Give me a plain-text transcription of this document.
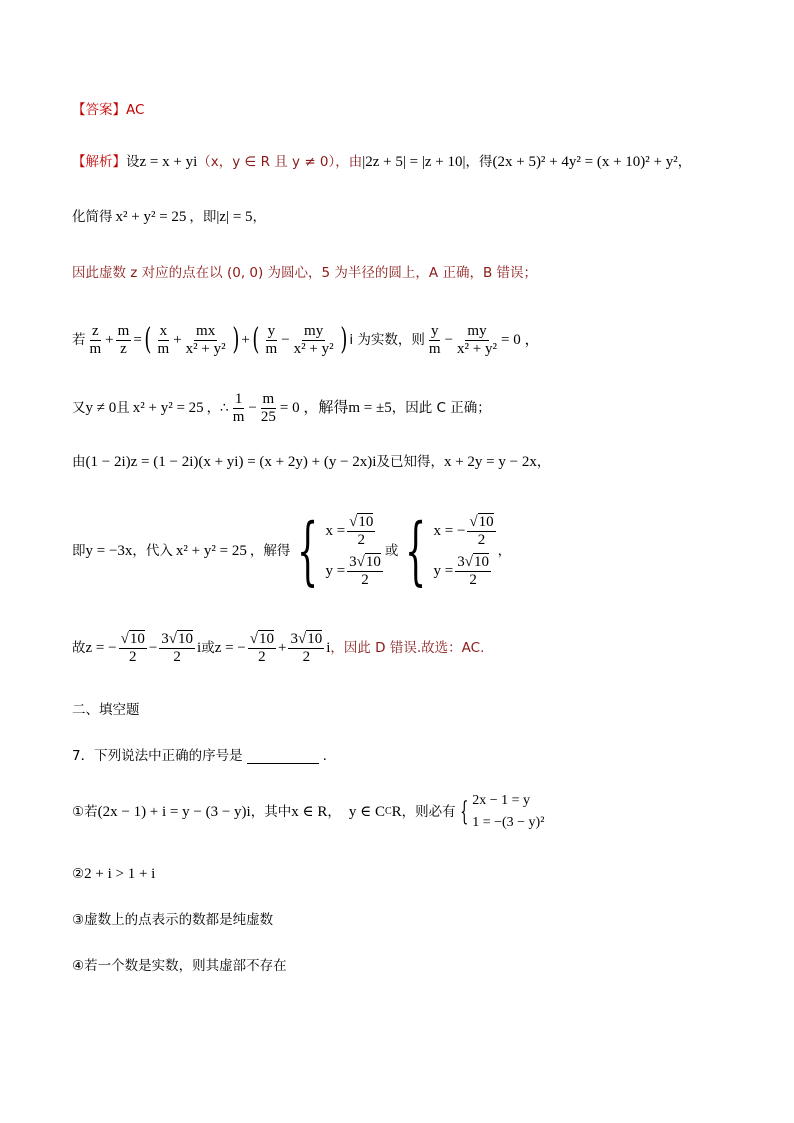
【答案】 AC
【解析】 设 z = x + yi （x，y ∈ R 且 y ≠ 0），由 |2z + 5| = |z + 10| ，得 (2x + 5)² + 4y² = (x + 10)² + y² ，
化简得 x² + y² = 25 ，即 |z| = 5 ，
因此虚数 z 对应的点在以 (0, 0) 为圆心，5 为半径的圆上，A 正确，B 错误；
若 $\frac{z}{m} + \frac{m}{z}$ = ( $\frac{x}{m} + \frac{mx}{\text{x² + y²}}$ ) + ( $\frac{y}{m} - \frac{my}{\text{x² + y²}}$ ) i 为实数，则 $\frac{y}{m} - \frac{my}{\text{x² + y²}} = 0$ ，
又 y ≠ 0 且 x² + y² = 25 ，∴ $\frac{1}{m} - \frac{m}{25} = 0$ ，解得 m = ±5 ，因此 C 正确；
由 (1 − 2i)z = (1 − 2i)(x + yi) = (x + 2y) + (y − 2x)i 及已知得， x + 2y = y − 2x ，
即 y = −3x ，代入 x² + y² = 25 ，解得 { $x = \frac{√10}{2}$
$y = \frac{3√10}{2}$
或 { x = − $\frac{√10}{2}$
$y = \frac{3√10}{2}$
，
故 z = − $\frac{√10}{2} - \frac{3√10}{2}$ i 或 z = − $\frac{√10}{2} + \frac{3√10}{2}$ i ，因此 D 错误.故选：AC.
二、填空题
7．下列说法中正确的序号是	.
①若 (2x − 1) + i = y − (3 − y)i ，其中 x ∈ R ， y ∈ C C R ，则必有 { 2x − 1 = y
1 = −(3 − y)²
② 2 + i > 1 + i
③虚数上的点表示的数都是纯虚数
④若一个数是实数，则其虚部不存在
